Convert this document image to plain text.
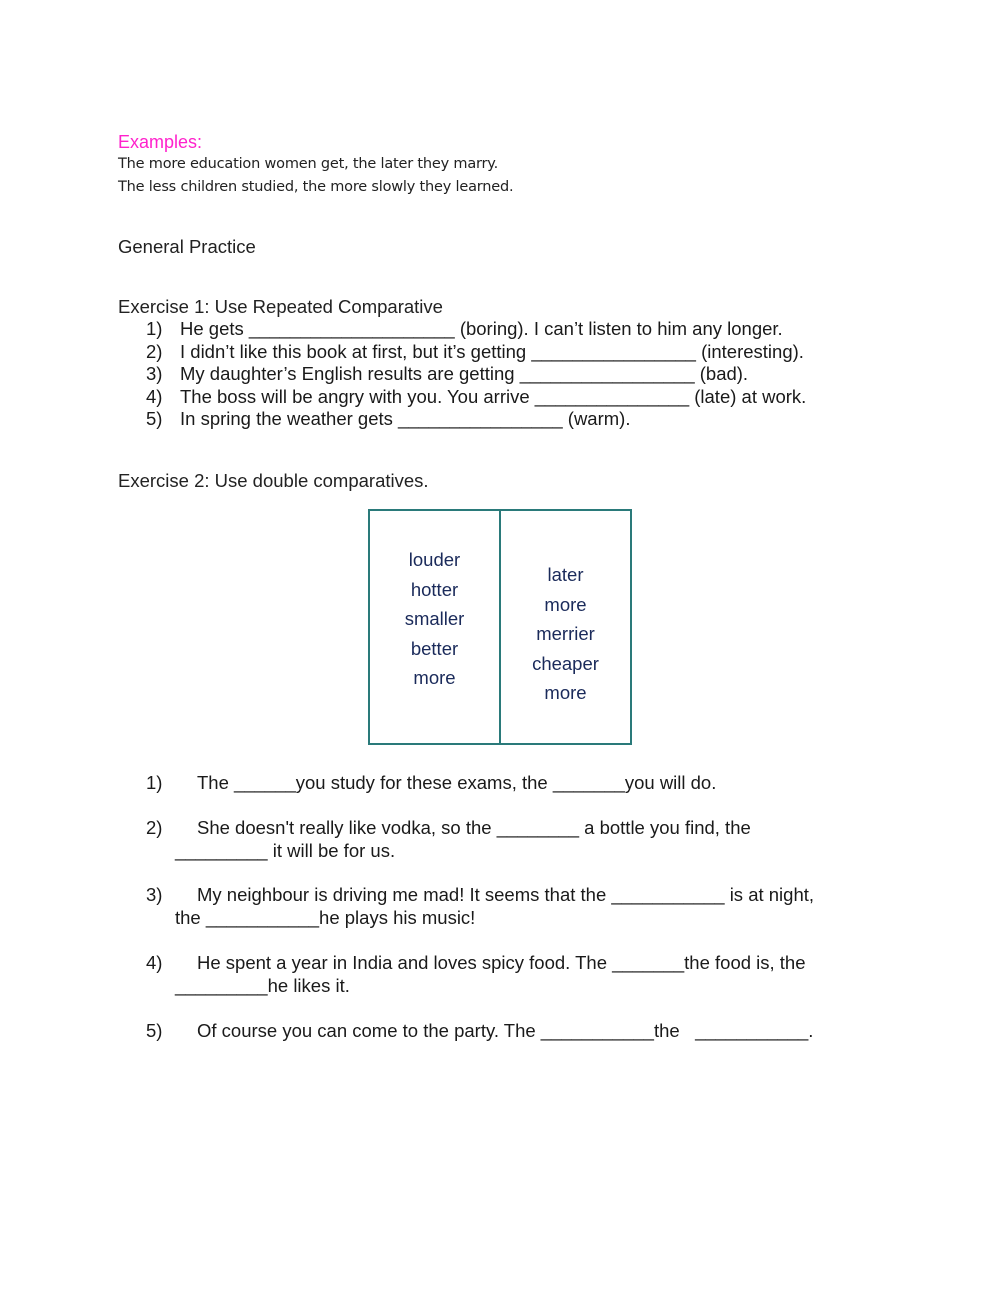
Examples:
The more education women get, the later they marry.
The less children studied, the more slowly they learned.
General Practice
Exercise 1: Use Repeated Comparative
1) He gets ____________________ (boring). I can’t listen to him any longer.
2) I didn’t like this book at first, but it’s getting ________________ (interesting).
3) My daughter’s English results are getting _________________ (bad).
4) The boss will be angry with you. You arrive _______________ (late) at work.
5) In spring the weather gets ________________ (warm).
Exercise 2: Use double comparatives.
louder
hotter
smaller
better
more
later
more
merrier
cheaper
more
1) The ______you study for these exams, the _______you will do.
2) She doesn't really like vodka, so the ________ a bottle you find, the
_________ it will be for us.
3) My neighbour is driving me mad! It seems that the ___________ is at night,
the ___________he plays his music!
4) He spent a year in India and loves spicy food. The _______the food is, the
_________he likes it.
5) Of course you can come to the party. The ___________the   ___________.
